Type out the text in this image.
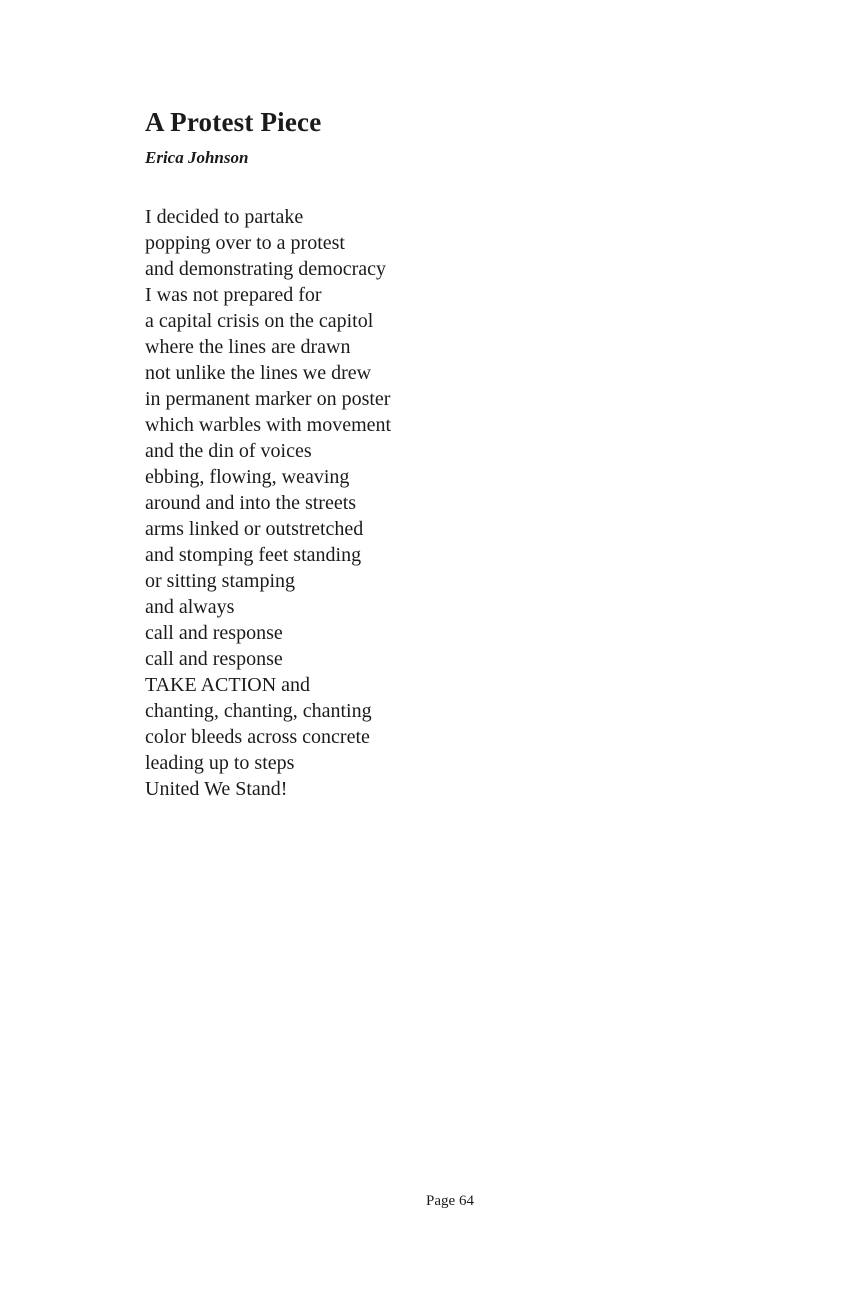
A Protest Piece
Erica Johnson
I decided to partake
popping over to a protest
and demonstrating democracy
I was not prepared for
a capital crisis on the capitol
where the lines are drawn
not unlike the lines we drew
in permanent marker on poster
which warbles with movement
and the din of voices
ebbing, flowing, weaving
around and into the streets
arms linked or outstretched
and stomping feet standing
or sitting stamping
and always
call and response
call and response
TAKE ACTION and
chanting, chanting, chanting
color bleeds across concrete
leading up to steps
United We Stand!
Page 64
